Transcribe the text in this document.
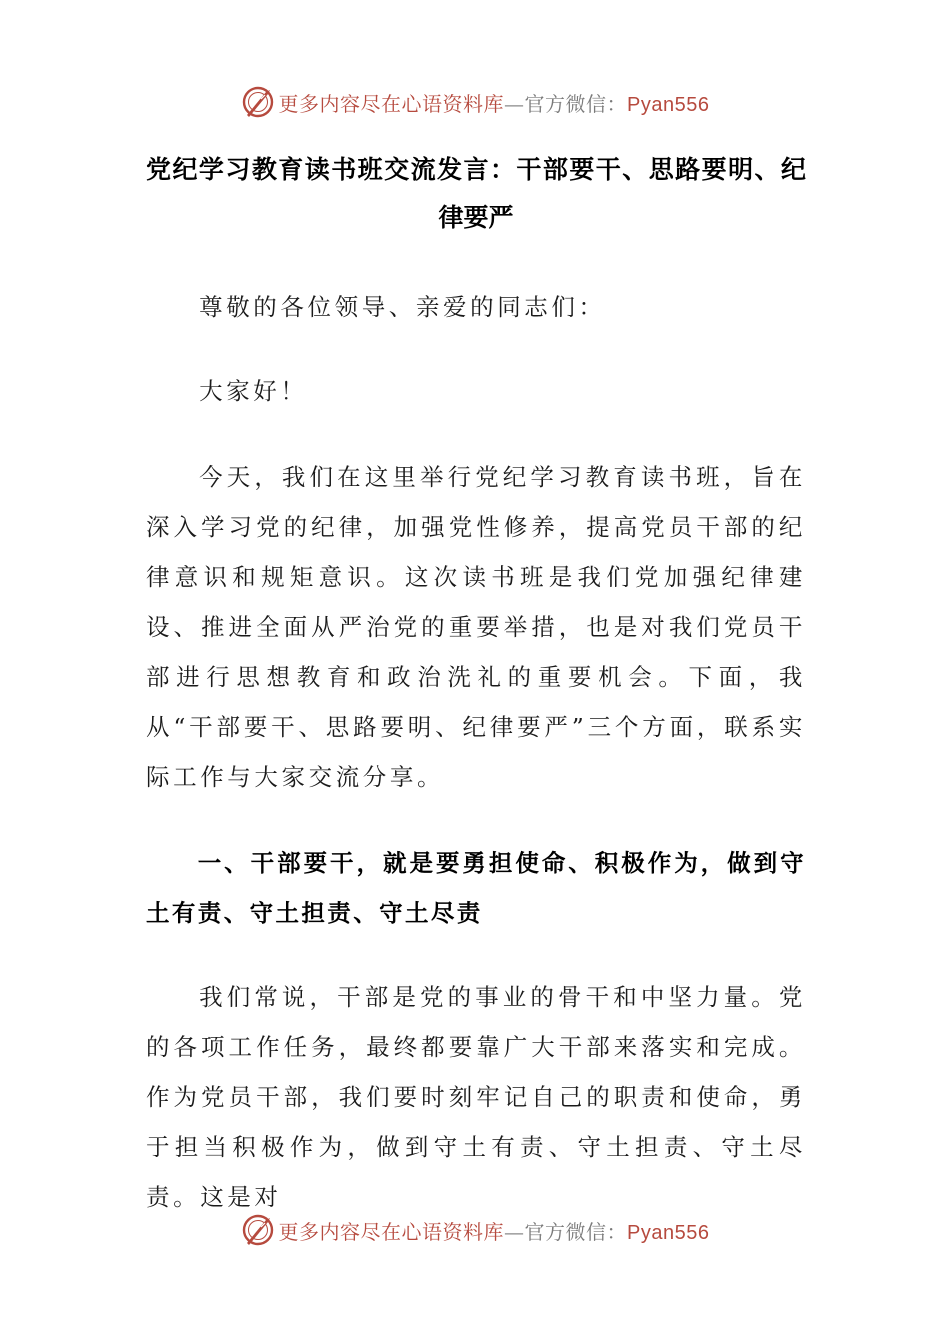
更多内容尽在心语资料库—官方微信：Pyan556
党纪学习教育读书班交流发言：干部要干、思路要明、纪
律要严

尊敬的各位领导、亲爱的同志们：

大家好！

今天，我们在这里举行党纪学习教育读书班，旨在深入学习党的纪律，加强党性修养，提高党员干部的纪律意识和规矩意识。这次读书班是我们党加强纪律建设、推进全面从严治党的重要举措，也是对我们党员干部进行思想教育和政治洗礼的重要机会。下面，我从“干部要干、思路要明、纪律要严”三个方面，联系实际工作与大家交流分享。

一、干部要干，就是要勇担使命、积极作为，做到守土有责、守土担责、守土尽责

我们常说，干部是党的事业的骨干和中坚力量。党的各项工作任务，最终都要靠广大干部来落实和完成。作为党员干部，我们要时刻牢记自己的职责和使命，勇于担当积极作为，做到守土有责、守土担责、守土尽责。这是对

更多内容尽在心语资料库—官方微信：Pyan556
